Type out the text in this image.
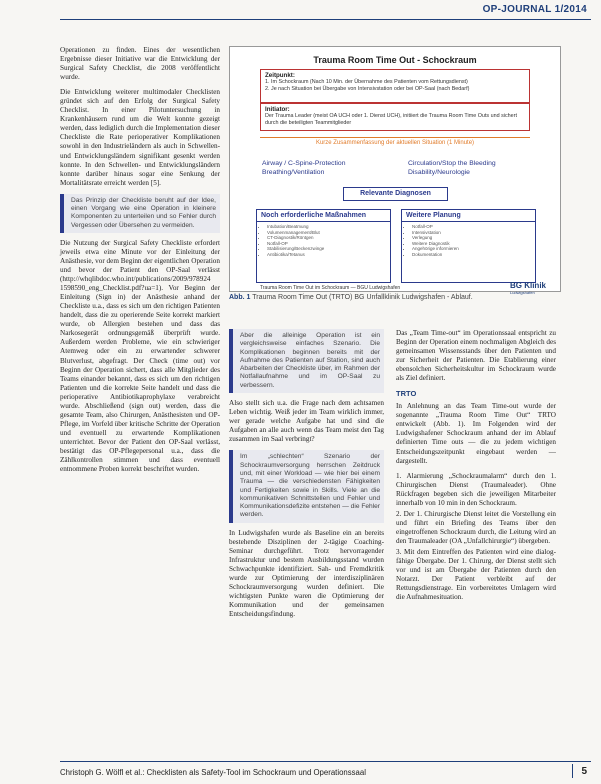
OP-JOURNAL 1/2014

Operationen zu finden. Eines der wesentlichen Ergebnisse dieser Initiative war die Entwicklung der Surgical Safety Checklist, die 2008 veröffentlicht wurde.

Die Entwicklung weiterer multimodaler Checklisten gründet sich auf den Erfolg der Surgical Safety Checklist. In einer Pilotuntersuchung in Krankenhäusern rund um die Welt konnte gezeigt werden, dass lediglich durch die Implementation dieser Checkliste die Rate perioperativer Komplikationen sowohl in den Industrieländern als auch in Schwellen- und Entwicklungsländern signifikant gesenkt werden konnte. In den Schwellen- und Entwicklungsländern konnte darüber hinaus sogar eine Senkung der Mortalitätsrate erreicht werden [5].

Das Prinzip der Checkliste beruht auf der Idee, einen Vorgang wie eine Operation in kleinere Komponenten zu unterteilen und so Fehler durch Vergessen oder Übersehen zu vermeiden.

Die Nutzung der Surgical Safety Checkliste erfordert jeweils etwa eine Minute vor der Einleitung der Anästhesie, vor dem Beginn der eigentlichen Operation und bevor der Patient den OP-Saal verlässt (http://whqlibdoc.who.int/publications/2009/978924 1598590_eng_Checklist.pdf?ua=1). Vor Beginn der Einleitung (Sign in) der Anästhesie anhand der Checkliste u.a., dass es sich um den richtigen Patienten handelt, dass die zu operierende Seite korrekt markiert wurde, ob Allergien bestehen und dass das Narkosegerät ordnungsgemäß überprüft wurde. Außerdem werden Probleme, wie ein schwieriger Atemweg oder ein zu erwartender schwerer Blutverlust, abgefragt. Der Check (time out) vor Beginn der Operation sichert, dass alle Mitglieder des Teams einander bekannt, dass es sich um den richtigen Patienten und die korrekte Seite handelt und dass die perioperative Antibiotikaprophylaxe verabreicht wurde. Abschließend (sign out) werden, dass die gesamte Team, also Chirurgen, Anästhesisten und OP-Pflege, im Vorfeld über kritische Schritte der Operation und eventuell zu erwartende Komplikationen unterrichtet. Bevor der Patient den OP-Saal verlässt, bestätigt das OP-Pflegepersonal u.a., dass die Zählkontrollen stimmen und dass eventuell entnommene Proben korrekt beschriftet wurden.

Trauma Room Time Out - Schockraum
Zeitpunkt:
1. Im Schockraum (Nach 10 Min. der Übernahme des Patienten vom Rettungsdienst)
2. Je nach Situation bei Übergabe von Intensivstation oder bei OP-Saal (nach Bedarf)
Initiator:
Der Trauma Leader (meist OA UCH oder 1. Dienst UCH), initiiert die Trauma Room Time Outs und sichert durch die beteiligten Teammitglieder
Kurze Zusammenfassung der aktuellen Situation (1 Minute)
Airway / C-Spine-Protection
Breathing/Ventilation
Circulation/Stop the Bleeding
Disability/Neurologie
Relevante Diagnosen
Noch erforderliche Maßnahmen
• Intubation/Beatmung
• Volumenmanagement/Blut
• CT-Diagnostik/Röntgen
• Notfall-OP
• Stabilisierung/Beckenzwinge
• Antibiotika/Tetanus
Weitere Planung
• Notfall-OP
• Intensivstation
• Verlegung
• Weitere Diagnostik
• Angehörige informieren
• Dokumentation
Trauma Room Time Out im Schockraum — BGU Ludwigshafen	BG Klinik
Ludwigshafen
Abb. 1 Trauma Room Time Out (TRTO) BG Unfallklinik Ludwigshafen - Ablauf.

Aber die alleinige Operation ist ein vergleichsweise einfaches Szenario. Die Komplikationen beginnen bereits mit der Aufnahme des Patienten auf Station, sind auch Abarbeiten der Checkliste über, im Rahmen der Notfallaufnahme und im OP-Saal zu verbessern.

Also stellt sich u.a. die Frage nach dem achtsamen Leben wichtig. Weiß jeder im Team wirklich immer, wer gerade welche Aufgabe hat und sind die Aufgaben an alle auch wenn das Team meist den Tag zusammen im Saal verbringt?

Im „schlechten“ Szenario der Schockraumversorgung herrschen Zeitdruck und, mit einer Workload — wie hier bei einem Trauma — die verschiedensten Fähigkeiten und Fertigkeiten sowie in Skills. Viele an die kommunikativen Schnittstellen und Fehler und Kommunikationsdefizite entstehen — die Fehler werden.

In Ludwigshafen wurde als Baseline ein an bereits bestehende Disziplinen der 2-tägige Coaching-Seminar durchgeführt. Trotz hervorragender Infrastruktur und bestem Ausbildungsstand wurden Schwachpunkte identifiziert. Sah- und Fremdkritik wurde zur Optimierung der interdisziplinären Schockraumversorgung wurden definiert. Die wichtigsten Punkte waren die Optimierung der Kommunikation und der gemeinsamen Entscheidungsfindung.

Das „Team Time-out“ im Operationssaal entspricht zu Beginn der Operation einem nochmaligen Abgleich des gemeinsamen Wissensstands über den Patienten und zur Sicherheit der Patienten. Die Etablierung einer ebensolchen Sicherheitskultur im Schockraum wurde als Ziel definiert.

TRTO

In Anlehnung an das Team Time-out wurde der sogenannte „Trauma Room Time Out“ TRTO entwickelt (Abb. 1). Im Folgenden wird der Ludwigshafener Schockraum anhand der im Ablauf definierten Time outs — die zu jedem wichtigen Entscheidungszeitpunkt eingebaut werden — dargestellt.

1. Alarmierung „Schockraumalarm“ durch den 1. Chirurgischen Dienst (Traumaleader). Ohne Rückfragen begeben sich die jeweiligen Mitarbeiter innerhalb von 10 min in den Schockraum.
2. Der 1. Chirurgische Dienst leitet die Vorstellung ein und führt ein Briefing des Teams über den eingetroffenen Schockraum durch, die Leitung wird an den Traumaleader (OA „Unfallchirurgie“) übergeben.
3. Mit dem Eintreffen des Patienten wird eine dialog-fähige Übergabe. Der 1. Chirurg, der Dienst stellt sich vor und ist am Übergabe der Patienten durch den Notarzt. Der Patient verbleibt auf der Rettungsdienstrage. Ein vorbereitetes Umlagern wird die Aufnahmesituation.
Christoph G. Wölfl et al.: Checklisten als Safety-Tool im Schockraum und Operationssaal	5
